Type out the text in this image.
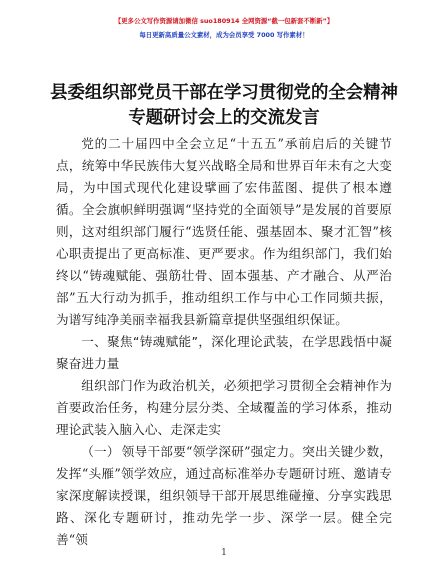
【更多公文写作资源请加微信 suo180914 全网资源“截一包新套不断新”】
每日更新高质量公文素材，成为会员享受 7000 写作素材！
县委组织部党员干部在学习贯彻党的全会精神
专题研讨会上的交流发言

党的二十届四中全会立足“十五五”承前启后的关键节点，统筹中华民族伟大复兴战略全局和世界百年未有之大变局，为中国式现代化建设擘画了宏伟蓝图、提供了根本遵循。全会旗帜鲜明强调“坚持党的全面领导”是发展的首要原则，这对组织部门履行“选贤任能、强基固本、聚才汇智”核心职责提出了更高标准、更严要求。作为组织部门，我们始终以“铸魂赋能、强筋壮骨、固本强基、产才融合、从严治部”五大行动为抓手，推动组织工作与中心工作同频共振，为谱写纯净美丽幸福我县新篇章提供坚强组织保证。

一、聚焦“铸魂赋能”，深化理论武装，在学思践悟中凝聚奋进力量

组织部门作为政治机关，必须把学习贯彻全会精神作为首要政治任务，构建分层分类、全域覆盖的学习体系，推动理论武装入脑入心、走深走实

（一） 领导干部要“领学深研”强定力。突出关键少数，发挥“头雁”领学效应，通过高标准举办专题研讨班、邀请专家深度解读授课，组织领导干部开展思维碰撞、分享实践思路、深化专题研讨，推动先学一步、深学一层。健全完善“领

1
